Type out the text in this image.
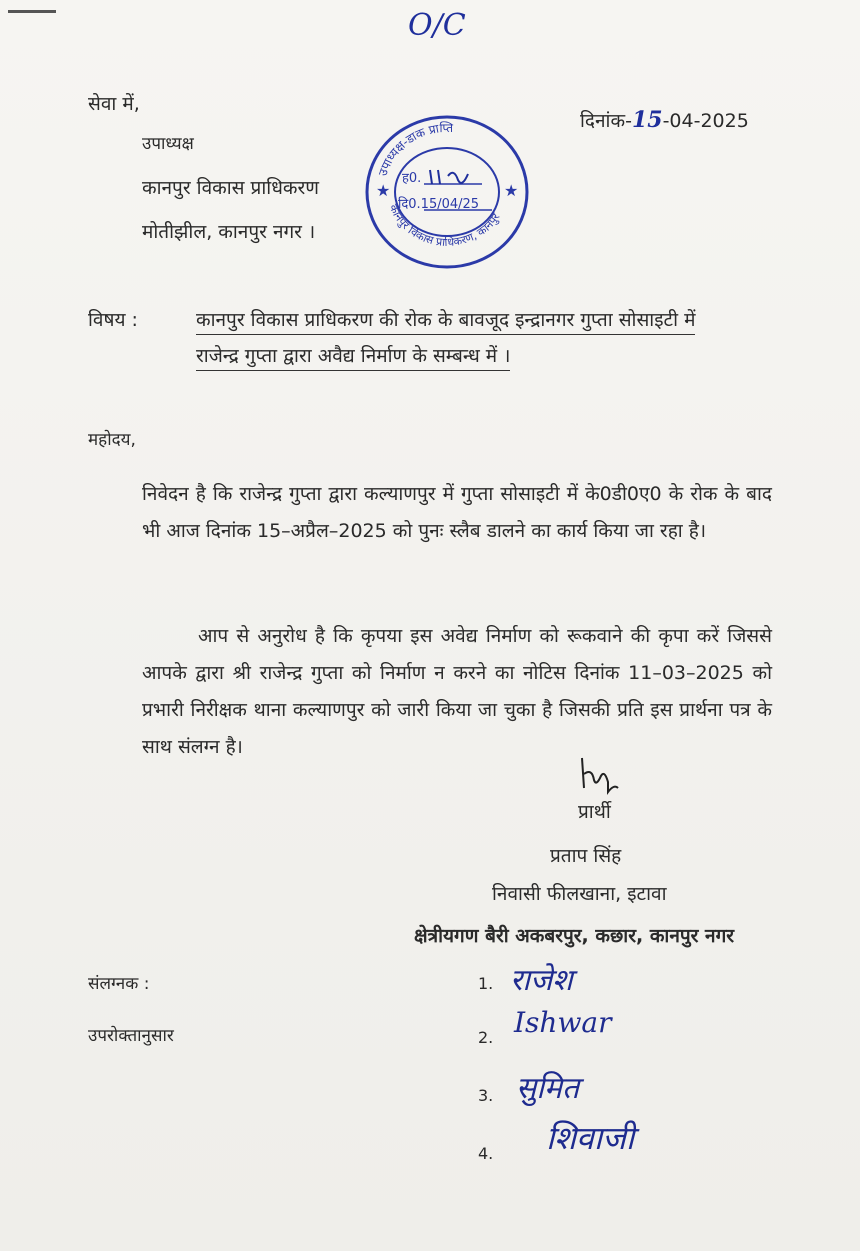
O/C
सेवा में,
उपाध्यक्ष
कानपुर विकास प्राधिकरण
मोतीझील, कानपुर नगर ।
दिनांक-15-04-2025
उपाध्यक्ष-डाक प्राप्ति
कानपुर विकास प्राधिकरण, कानपुर
★	★
ह0.
दि0.15/04/25
विषय :	कानपुर विकास प्राधिकरण की रोक के बावजूद इन्द्रानगर गुप्ता सोसाइटी में
राजेन्द्र गुप्ता द्वारा अवैद्य निर्माण के सम्बन्ध में ।
महोदय,
निवेदन है कि राजेन्द्र गुप्ता द्वारा कल्याणपुर में गुप्ता सोसाइटी में के0डी0ए0 के रोक के बाद भी आज दिनांक 15–अप्रैल–2025 को पुनः स्लैब डालने का कार्य किया जा रहा है।
आप से अनुरोध है कि कृपया इस अवेद्य निर्माण को रूकवाने की कृपा करें जिससे आपके द्वारा श्री राजेन्द्र गुप्ता को निर्माण न करने का नोटिस दिनांक 11–03–2025 को प्रभारी निरीक्षक थाना कल्याणपुर को जारी किया जा चुका है जिसकी प्रति इस प्रार्थना पत्र के साथ संलग्न है।
प्रार्थी
प्रताप सिंह
निवासी फीलखाना, इटावा
क्षेत्रीयगण बैरी अकबरपुर, कछार, कानपुर नगर
संलग्नक :
उपरोक्तानुसार
1. राजेश
2. Ishwar
3. सुमित
4. शिवाजी
